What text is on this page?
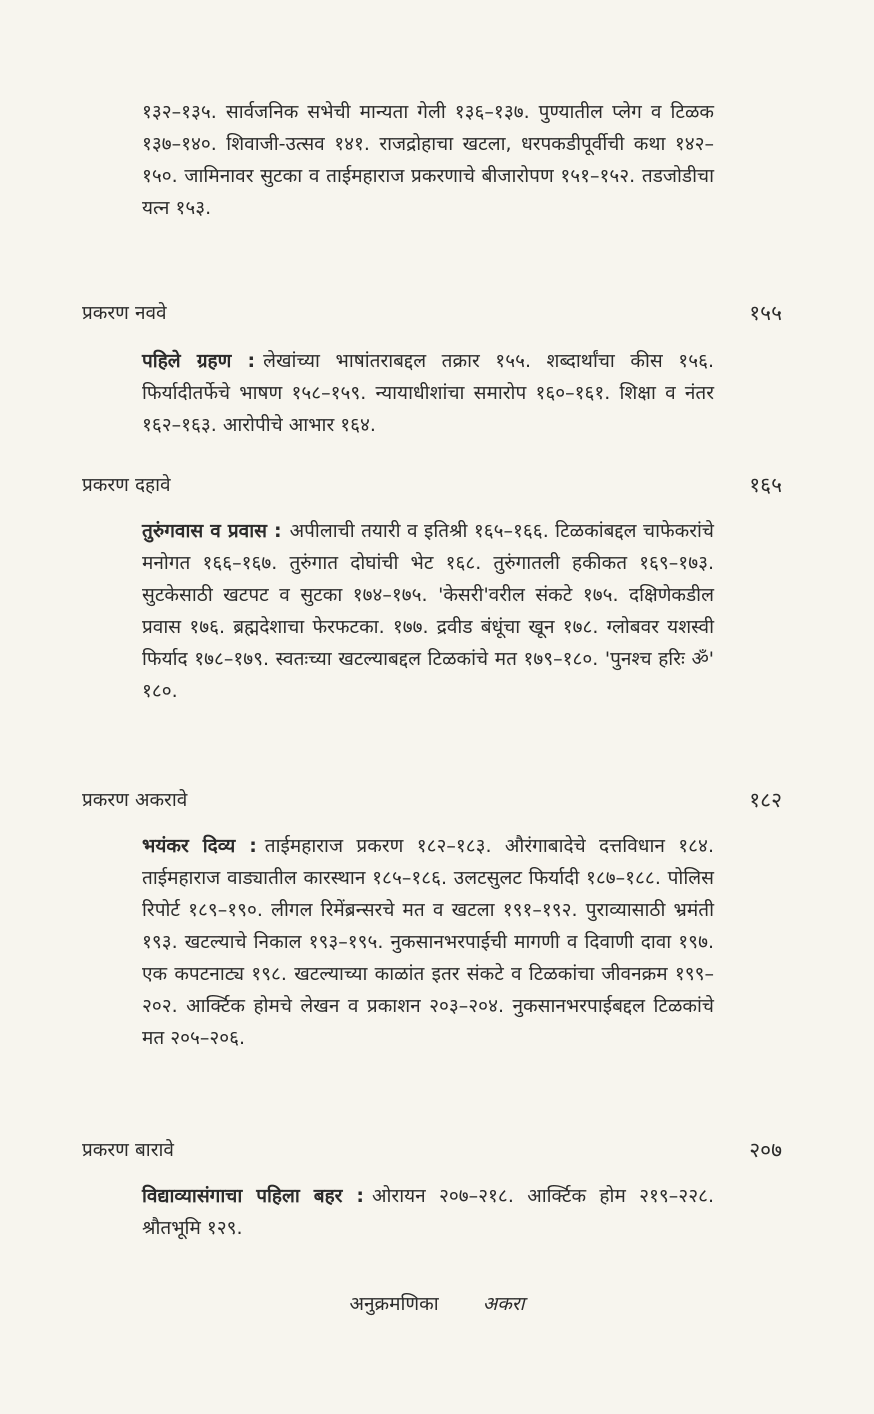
१३२–१३५. सार्वजनिक सभेची मान्यता गेली १३६–१३७. पुण्यातील प्लेग व टिळक १३७–१४०. शिवाजी-उत्सव १४१. राजद्रोहाचा खटला, धरपकडीपूर्वीची कथा १४२–१५०. जामिनावर सुटका व ताईमहाराज प्रकरणाचे बीजारोपण १५१–१५२. तडजोडीचा यत्न १५३.

प्रकरण नववे	१५५

पहिले ग्रहण : लेखांच्या भाषांतराबद्दल तक्रार १५५. शब्दार्थांचा कीस १५६. फिर्यादीतर्फेचे भाषण १५८–१५९. न्यायाधीशांचा समारोप १६०–१६१. शिक्षा व नंतर १६२–१६३. आरोपीचे आभार १६४.

प्रकरण दहावे	१६५

तुरुंगवास व प्रवास : अपीलाची तयारी व इतिश्री १६५–१६६. टिळकांबद्दल चाफेकरांचे मनोगत १६६–१६७. तुरुंगात दोघांची भेट १६८. तुरुंगातली हकीकत १६९–१७३. सुटकेसाठी खटपट व सुटका १७४–१७५. 'केसरी'वरील संकटे १७५. दक्षिणेकडील प्रवास १७६. ब्रह्मदेशाचा फेरफटका. १७७. द्रवीड बंधूंचा खून १७८. ग्लोबवर यशस्वी फिर्याद १७८–१७९. स्वतःच्या खटल्याबद्दल टिळकांचे मत १७९–१८०. 'पुनश्च हरिः ॐ' १८०.

प्रकरण अकरावे	१८२

भयंकर दिव्य : ताईमहाराज प्रकरण १८२–१८३. औरंगाबादेचे दत्तविधान १८४. ताईमहाराज वाड्यातील कारस्थान १८५–१८६. उलटसुलट फिर्यादी १८७–१८८. पोलिस रिपोर्ट १८९–१९०. लीगल रिमेंब्रन्सरचे मत व खटला १९१–१९२. पुराव्यासाठी भ्रमंती १९३. खटल्याचे निकाल १९३–१९५. नुकसानभरपाईची मागणी व दिवाणी दावा १९७. एक कपटनाट्य १९८. खटल्याच्या काळांत इतर संकटे व टिळकांचा जीवनक्रम १९९–२०२. आर्क्टिक होमचे लेखन व प्रकाशन २०३–२०४. नुकसानभरपाईबद्दल टिळकांचे मत २०५–२०६.

प्रकरण बारावे	२०७

विद्याव्यासंगाचा पहिला बहर : ओरायन २०७–२१८. आर्क्टिक होम २१९–२२८. श्रौतभूमि १२९.

अनुक्रमणिका अकरा
